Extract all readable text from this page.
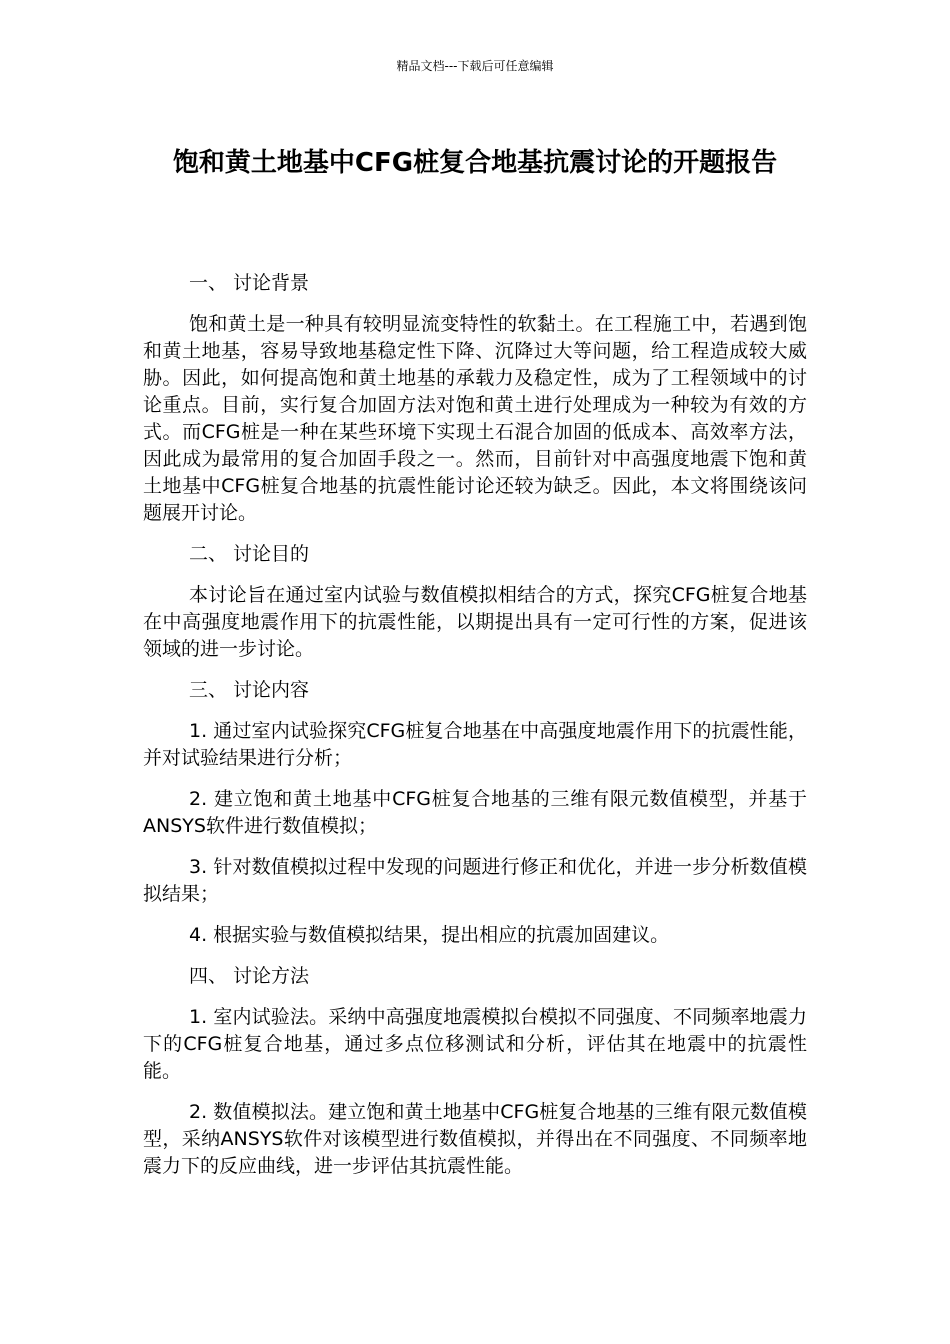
精品文档---下载后可任意编辑
饱和黄土地基中CFG桩复合地基抗震讨论的开题报告

一、 讨论背景

饱和黄土是一种具有较明显流变特性的软黏土。在工程施工中，若遇到饱和黄土地基，容易导致地基稳定性下降、沉降过大等问题，给工程造成较大威胁。因此，如何提高饱和黄土地基的承载力及稳定性，成为了工程领域中的讨论重点。目前，实行复合加固方法对饱和黄土进行处理成为一种较为有效的方式。而CFG桩是一种在某些环境下实现土石混合加固的低成本、高效率方法，因此成为最常用的复合加固手段之一。然而，目前针对中高强度地震下饱和黄土地基中CFG桩复合地基的抗震性能讨论还较为缺乏。因此，本文将围绕该问题展开讨论。

二、 讨论目的

本讨论旨在通过室内试验与数值模拟相结合的方式，探究CFG桩复合地基在中高强度地震作用下的抗震性能，以期提出具有一定可行性的方案，促进该领域的进一步讨论。

三、 讨论内容

1. 通过室内试验探究CFG桩复合地基在中高强度地震作用下的抗震性能，并对试验结果进行分析；

2. 建立饱和黄土地基中CFG桩复合地基的三维有限元数值模型，并基于ANSYS软件进行数值模拟；

3. 针对数值模拟过程中发现的问题进行修正和优化，并进一步分析数值模拟结果；

4. 根据实验与数值模拟结果，提出相应的抗震加固建议。

四、 讨论方法

1. 室内试验法。采纳中高强度地震模拟台模拟不同强度、不同频率地震力下的CFG桩复合地基，通过多点位移测试和分析，评估其在地震中的抗震性能。

2. 数值模拟法。建立饱和黄土地基中CFG桩复合地基的三维有限元数值模型，采纳ANSYS软件对该模型进行数值模拟，并得出在不同强度、不同频率地震力下的反应曲线，进一步评估其抗震性能。
